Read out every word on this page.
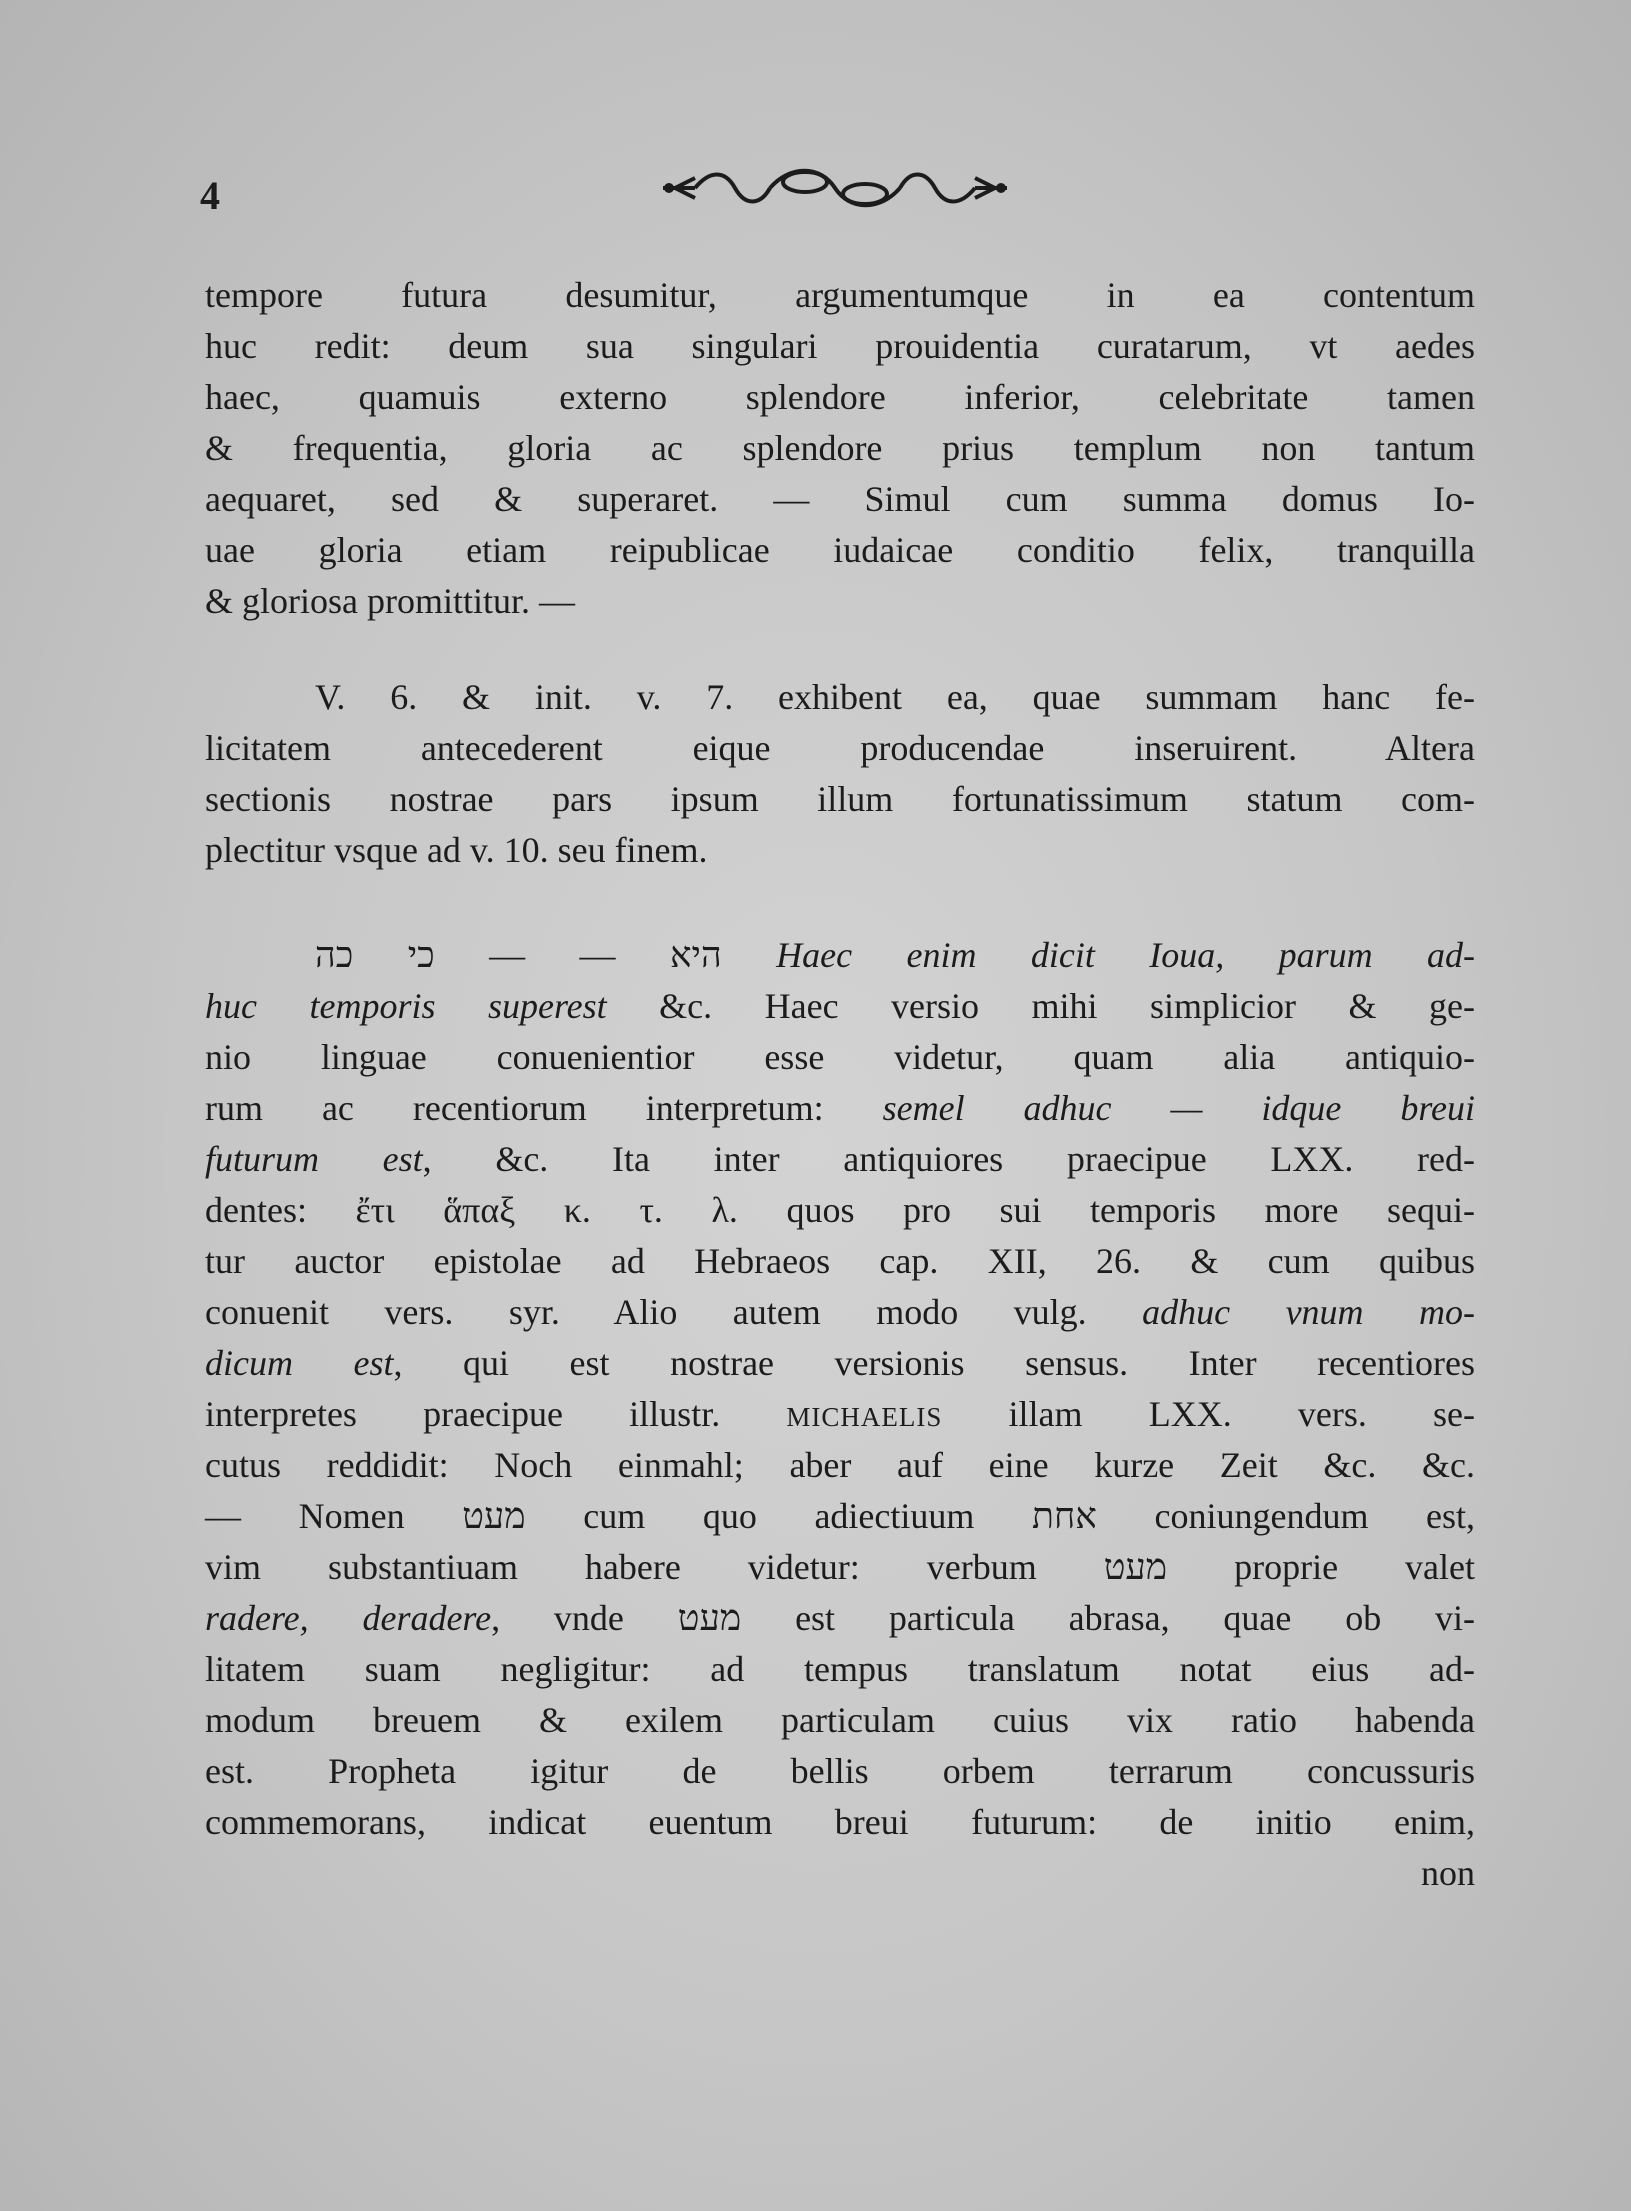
4
tempore futura desumitur, argumentumque in ea contentum
huc redit: deum sua singulari prouidentia curatarum, vt aedes
haec, quamuis externo splendore inferior, celebritate tamen
& frequentia, gloria ac splendore prius templum non tantum
aequaret, sed & superaret. — Simul cum summa domus Io-
uae gloria etiam reipublicae iudaicae conditio felix, tranquilla
& gloriosa promittitur. —
V. 6. & init. v. 7. exhibent ea, quae summam hanc fe-
licitatem antecederent eique producendae inseruirent. Altera
sectionis nostrae pars ipsum illum fortunatissimum statum com-
plectitur vsque ad v. 10. seu finem.
היא — — כי כה Haec enim dicit Ioua, parum ad-
huc temporis superest &c. Haec versio mihi simplicior & ge-
nio linguae conuenientior esse videtur, quam alia antiquio-
rum ac recentiorum interpretum: semel adhuc — idque breui
futurum est, &c. Ita inter antiquiores praecipue LXX. red-
dentes: ἔτι ἅπαξ κ. τ. λ. quos pro sui temporis more sequi-
tur auctor epistolae ad Hebraeos cap. XII, 26. & cum quibus
conuenit vers. syr. Alio autem modo vulg. adhuc vnum mo-
dicum est, qui est nostrae versionis sensus. Inter recentiores
interpretes praecipue illustr. MICHAELIS illam LXX. vers. se-
cutus reddidit: Noch einmahl; aber auf eine kurze Zeit &c. &c.
— Nomen מעט cum quo adiectiuum אחת coniungendum est,
vim substantiuam habere videtur: verbum מעט proprie valet
radere, deradere, vnde מעט est particula abrasa, quae ob vi-
litatem suam negligitur: ad tempus translatum notat eius ad-
modum breuem & exilem particulam cuius vix ratio habenda
est. Propheta igitur de bellis orbem terrarum concussuris
commemorans, indicat euentum breui futurum: de initio enim,
non
